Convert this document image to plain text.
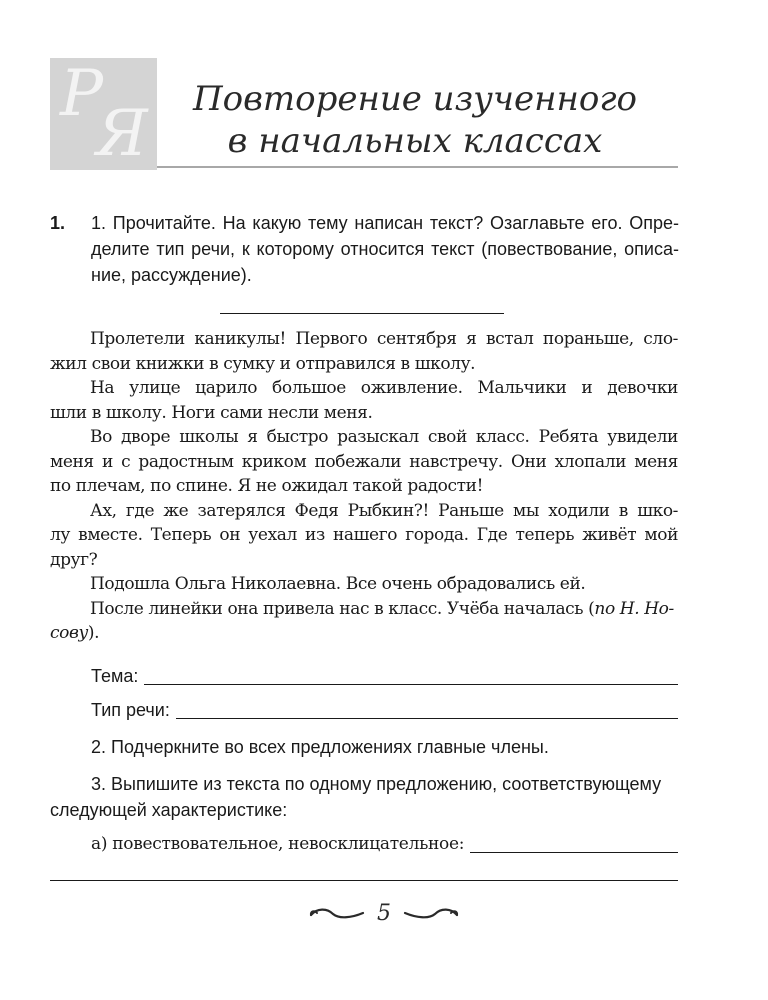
Р
Я	Повторение изученного
в начальных классах
1. 1. Прочитайте. На какую тему написан текст? Озаглавьте его. Опре-
делите тип речи, к которому относится текст (повествование, описа-
ние, рассуждение).
Пролетели каникулы! Первого сентября я встал пораньше, сло-
жил свои книжки в сумку и отправился в школу.
На улице царило большое оживление. Мальчики и девочки
шли в школу. Ноги сами несли меня.
Во дворе школы я быстро разыскал свой класс. Ребята увидели
меня и с радостным криком побежали навстречу. Они хлопали меня
по плечам, по спине. Я не ожидал такой радости!
Ах, где же затерялся Федя Рыбкин?! Раньше мы ходили в шко-
лу вместе. Теперь он уехал из нашего города. Где теперь живёт мой
друг?
Подошла Ольга Николаевна. Все очень обрадовались ей.
После линейки она привела нас в класс. Учёба началась (по Н. Но-
сову).
Тема:
Тип речи:
2. Подчеркните во всех предложениях главные члены.
3. Выпишите из текста по одному предложению, соответствующему
следующей характеристике:
а) повествовательное, невосклицательное:
5
